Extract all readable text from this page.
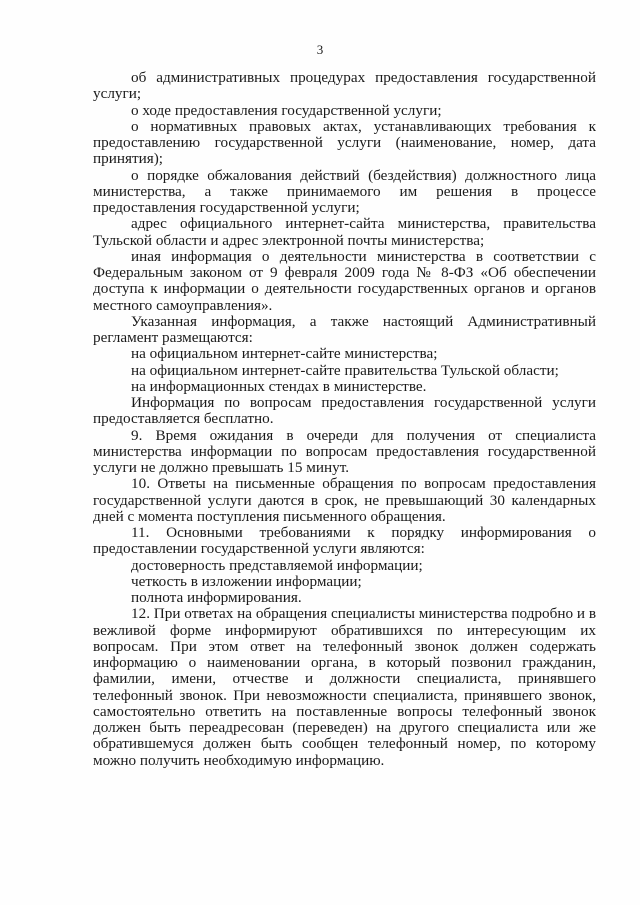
3

об административных процедурах предоставления государственной услуги;

о ходе предоставления государственной услуги;

о нормативных правовых актах, устанавливающих требования к предоставлению государственной услуги (наименование, номер, дата принятия);

о порядке обжалования действий (бездействия) должностного лица министерства, а также принимаемого им решения в процессе предоставления государственной услуги;

адрес официального интернет-сайта министерства, правительства Тульской области и адрес электронной почты министерства;

иная информация о деятельности министерства в соответствии с Федеральным законом от 9 февраля 2009 года № 8-ФЗ «Об обеспечении доступа к информации о деятельности государственных органов и органов местного самоуправления».

Указанная информация, а также настоящий Административный регламент размещаются:

на официальном интернет-сайте министерства;

на официальном интернет-сайте правительства Тульской области;

на информационных стендах в министерстве.

Информация по вопросам предоставления государственной услуги предоставляется бесплатно.

9. Время ожидания в очереди для получения от специалиста министерства информации по вопросам предоставления государственной услуги не должно превышать 15 минут.

10. Ответы на письменные обращения по вопросам предоставления государственной услуги даются в срок, не превышающий 30 календарных дней с момента поступления письменного обращения.

11. Основными требованиями к порядку информирования о предоставлении государственной услуги являются:

достоверность представляемой информации;

четкость в изложении информации;

полнота информирования.

12. При ответах на обращения специалисты министерства подробно и в вежливой форме информируют обратившихся по интересующим их вопросам. При этом ответ на телефонный звонок должен содержать информацию о наименовании органа, в который позвонил гражданин, фамилии, имени, отчестве и должности специалиста, принявшего телефонный звонок. При невозможности специалиста, принявшего звонок, самостоятельно ответить на поставленные вопросы телефонный звонок должен быть переадресован (переведен) на другого специалиста или же обратившемуся должен быть сообщен телефонный номер, по которому можно получить необходимую информацию.
